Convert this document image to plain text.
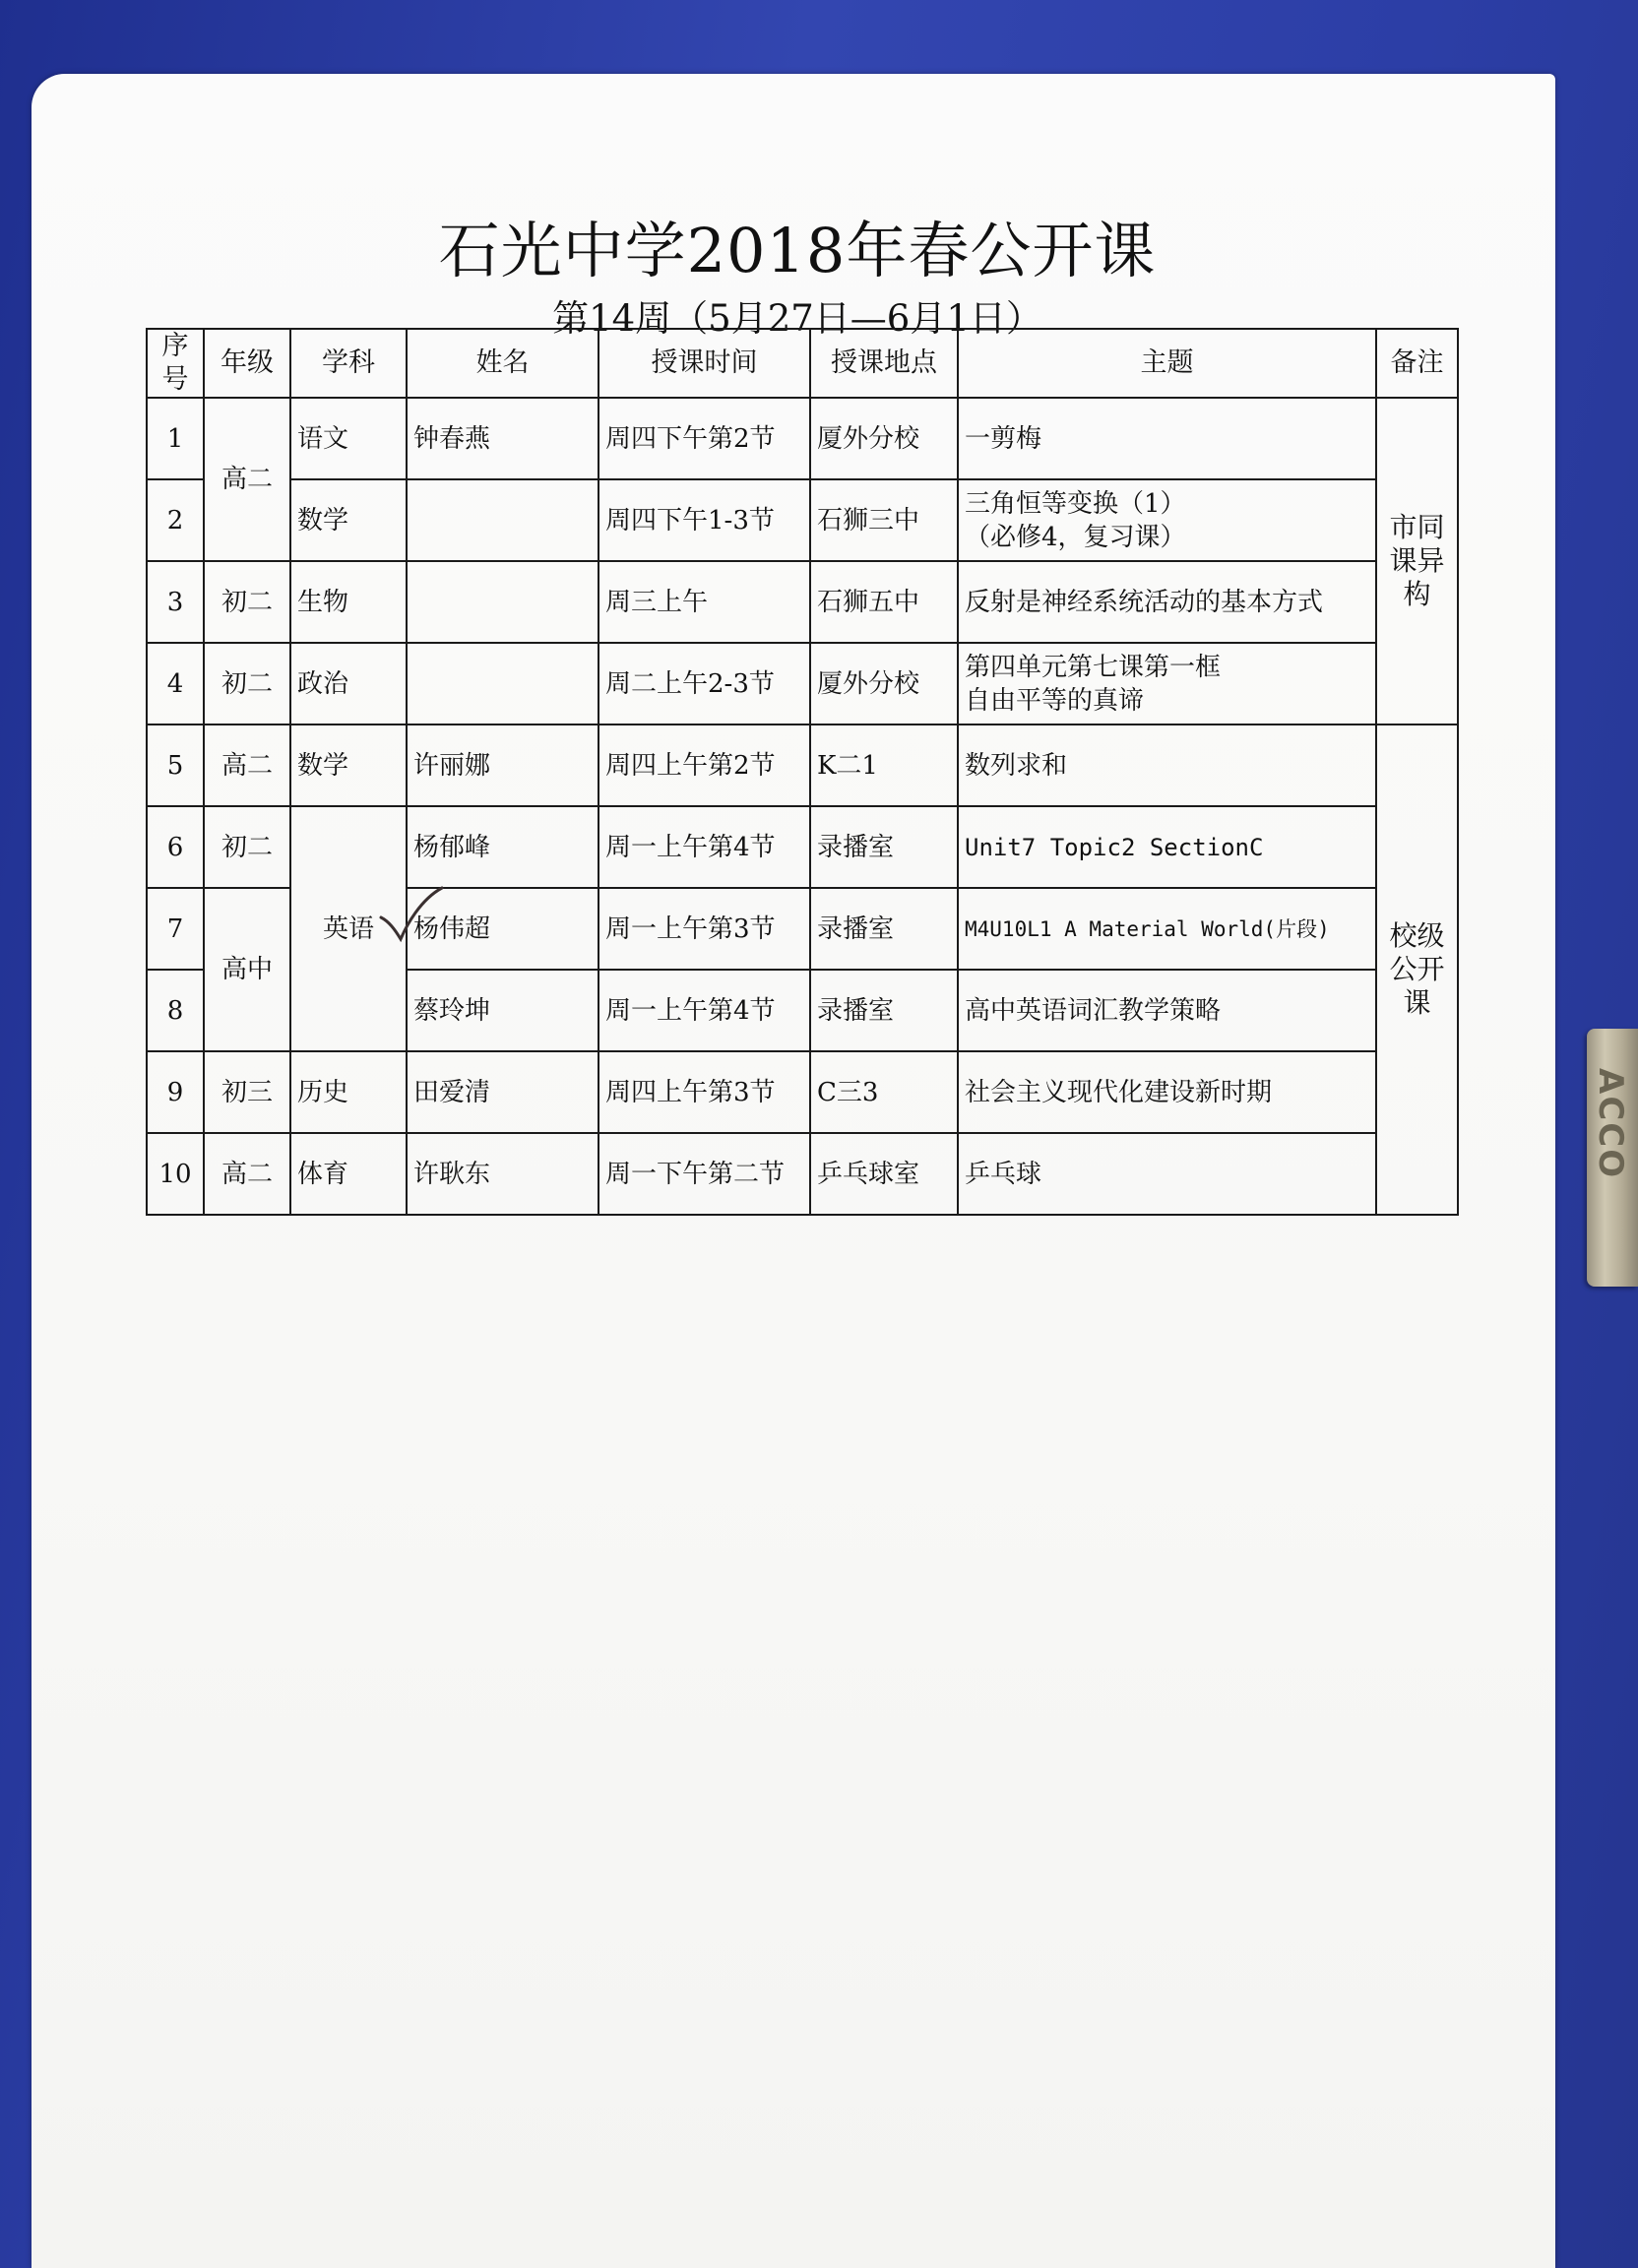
ACCO
石光中学2018年春公开课
第14周（5月27日—6月1日）
序号	年级	学科	姓名	授课时间	授课地点	主题	备注
1	高二	语文	钟春燕	周四下午第2节	厦外分校	一剪梅	市同课异构
2		数学		周四下午1-3节	石狮三中	三角恒等变换（1）
（必修4，复习课）	

3	初二	生物		周三上午	石狮五中	反射是神经系统活动的基本方式	
4	初二	政治		周二上午2-3节	厦外分校	第四单元第七课第一框
自由平等的真谛	

5	高二	数学	许丽娜	周四上午第2节	K二1	数列求和	校级公开课
6	初二	英语	杨郁峰	周一上午第4节	录播室	Unit7 Topic2 SectionC	
7	高中		杨伟超	周一上午第3节	录播室	M4U10L1 A Material World(片段)	
8			蔡玲坤	周一上午第4节	录播室	高中英语词汇教学策略	
9	初三	历史	田爱清	周四上午第3节	C三3	社会主义现代化建设新时期	
10	高二	体育	许耿东	周一下午第二节	乒乓球室	乒乓球	
